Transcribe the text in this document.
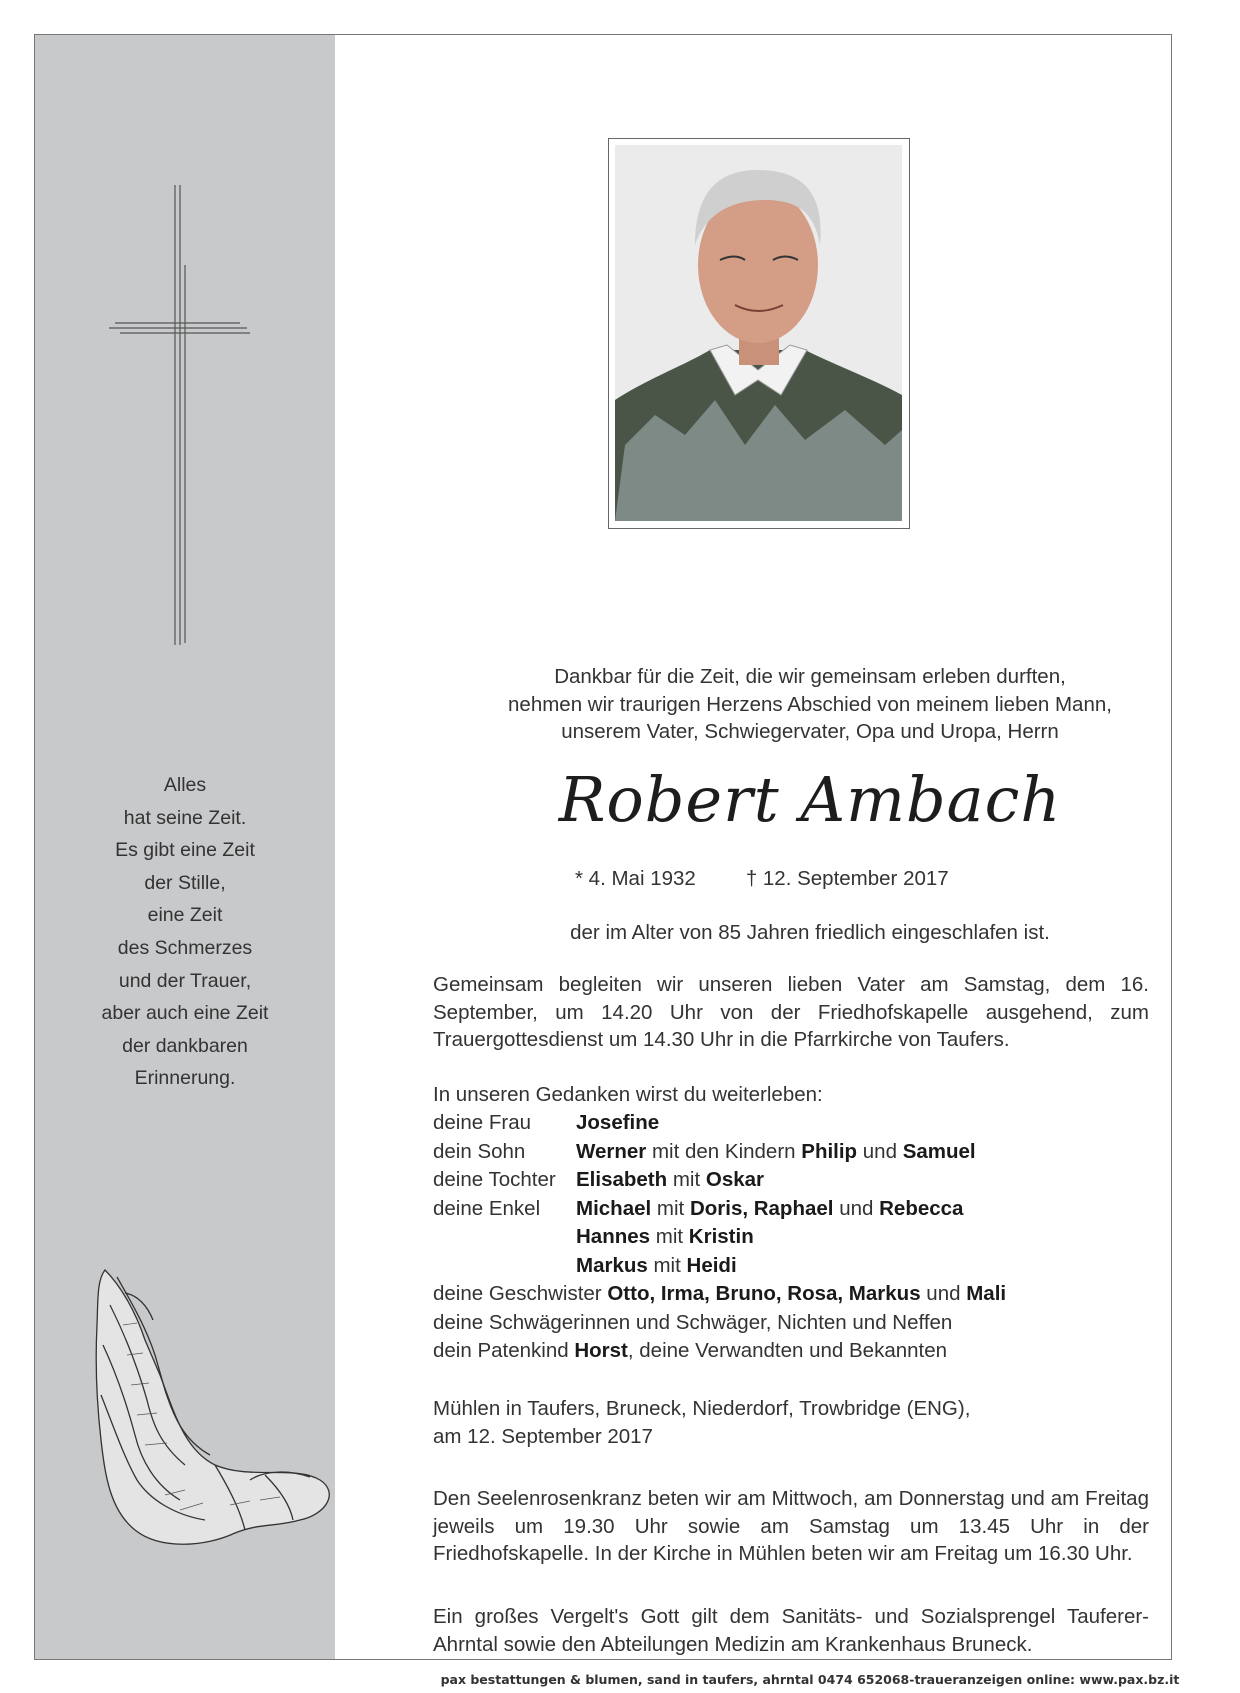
Alles
hat seine Zeit.
Es gibt eine Zeit
der Stille,
eine Zeit
des Schmerzes
und der Trauer,
aber auch eine Zeit
der dankbaren
Erinnerung.
Dankbar für die Zeit, die wir gemeinsam erleben durften,
nehmen wir traurigen Herzens Abschied von meinem lieben Mann,
unserem Vater, Schwiegervater, Opa und Uropa, Herrn
Robert Ambach
* 4. Mai 1932 † 12. September 2017
der im Alter von 85 Jahren friedlich eingeschlafen ist.
Gemeinsam begleiten wir unseren lieben Vater am Samstag, dem 16. September, um 14.20 Uhr von der Friedhofskapelle ausgehend, zum Trauergottesdienst um 14.30 Uhr in die Pfarrkirche von Taufers.
In unseren Gedanken wirst du weiterleben:
deine Frau Josefine
dein Sohn Werner mit den Kindern Philip und Samuel
deine Tochter Elisabeth mit Oskar
deine Enkel Michael mit Doris, Raphael und Rebecca
Hannes mit Kristin
Markus mit Heidi
deine Geschwister Otto, Irma, Bruno, Rosa, Markus und Mali
deine Schwägerinnen und Schwäger, Nichten und Neffen
dein Patenkind Horst, deine Verwandten und Bekannten
Mühlen in Taufers, Bruneck, Niederdorf, Trowbridge (ENG),
am 12. September 2017
Den Seelenrosenkranz beten wir am Mittwoch, am Donnerstag und am Freitag jeweils um 19.30 Uhr sowie am Samstag um 13.45 Uhr in der Friedhofskapelle. In der Kirche in Mühlen beten wir am Freitag um 16.30 Uhr.
Ein großes Vergelt's Gott gilt dem Sanitäts- und Sozialsprengel Tauferer-Ahrntal sowie den Abteilungen Medizin am Krankenhaus Bruneck.
pax bestattungen & blumen, sand in taufers, ahrntal 0474 652068-traueranzeigen online: www.pax.bz.it
